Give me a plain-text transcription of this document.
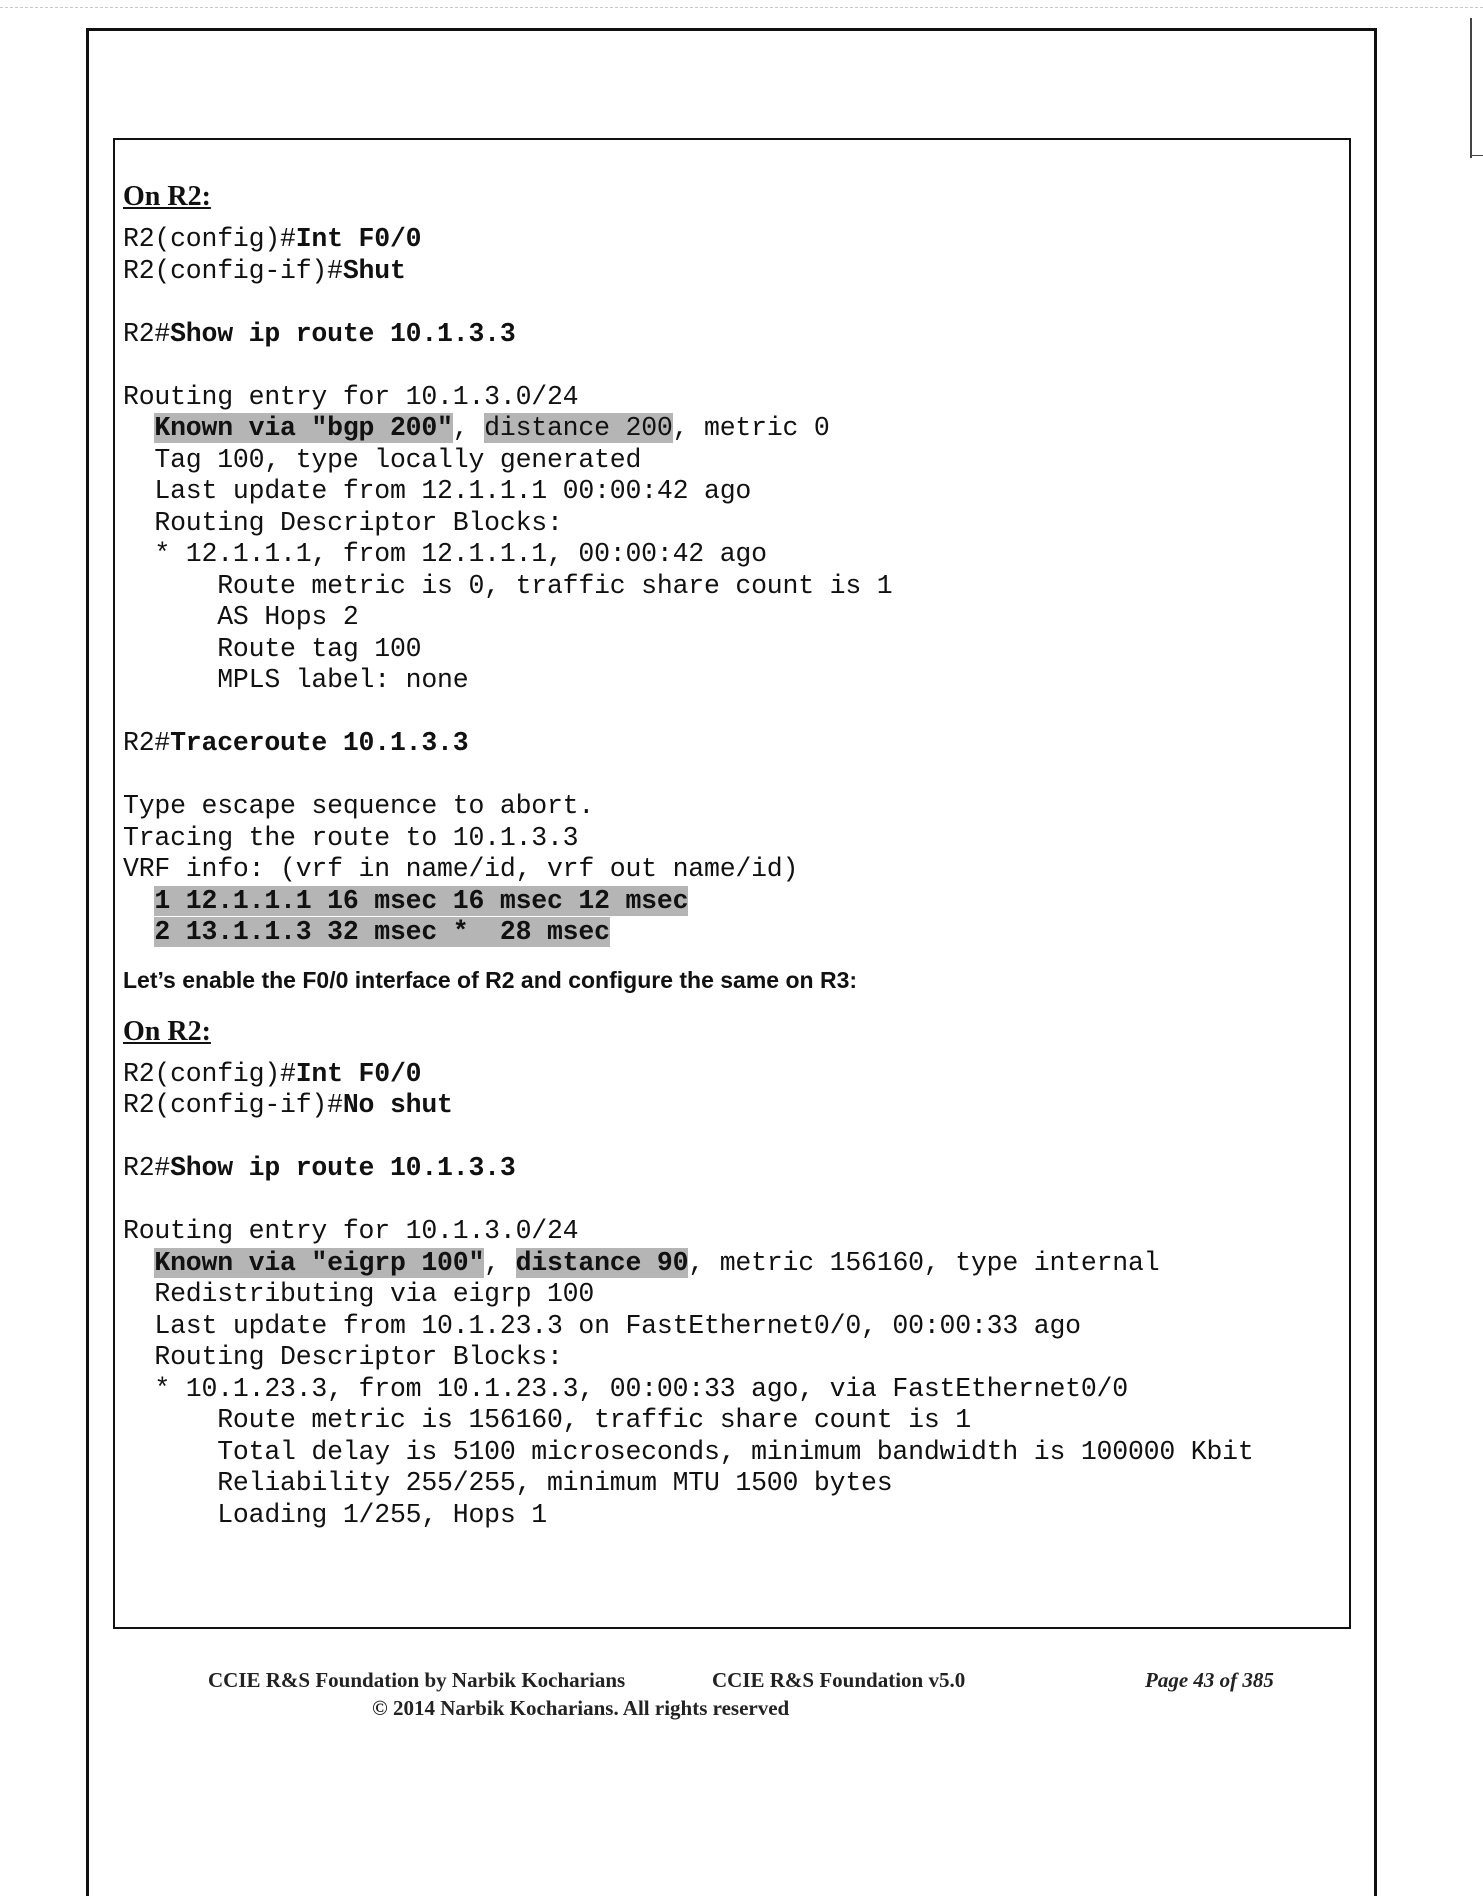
On R2:
R2(config)#Int F0/0
R2(config-if)#Shut
R2#Show ip route 10.1.3.3
Routing entry for 10.1.3.0/24
Known via "bgp 200", distance 200, metric 0
Tag 100, type locally generated
Last update from 12.1.1.1 00:00:42 ago
Routing Descriptor Blocks:
* 12.1.1.1, from 12.1.1.1, 00:00:42 ago
Route metric is 0, traffic share count is 1
AS Hops 2
Route tag 100
MPLS label: none
R2#Traceroute 10.1.3.3
Type escape sequence to abort.
Tracing the route to 10.1.3.3
VRF info: (vrf in name/id, vrf out name/id)
1 12.1.1.1 16 msec 16 msec 12 msec
2 13.1.1.3 32 msec *  28 msec
Let’s enable the F0/0 interface of R2 and configure the same on R3:
On R2:
R2(config)#Int F0/0
R2(config-if)#No shut
R2#Show ip route 10.1.3.3
Routing entry for 10.1.3.0/24
Known via "eigrp 100", distance 90, metric 156160, type internal
Redistributing via eigrp 100
Last update from 10.1.23.3 on FastEthernet0/0, 00:00:33 ago
Routing Descriptor Blocks:
* 10.1.23.3, from 10.1.23.3, 00:00:33 ago, via FastEthernet0/0
Route metric is 156160, traffic share count is 1
Total delay is 5100 microseconds, minimum bandwidth is 100000 Kbit
Reliability 255/255, minimum MTU 1500 bytes
Loading 1/255, Hops 1
CCIE R&S Foundation by Narbik Kocharians	CCIE R&S Foundation v5.0	Page 43 of 385
© 2014 Narbik Kocharians. All rights reserved
